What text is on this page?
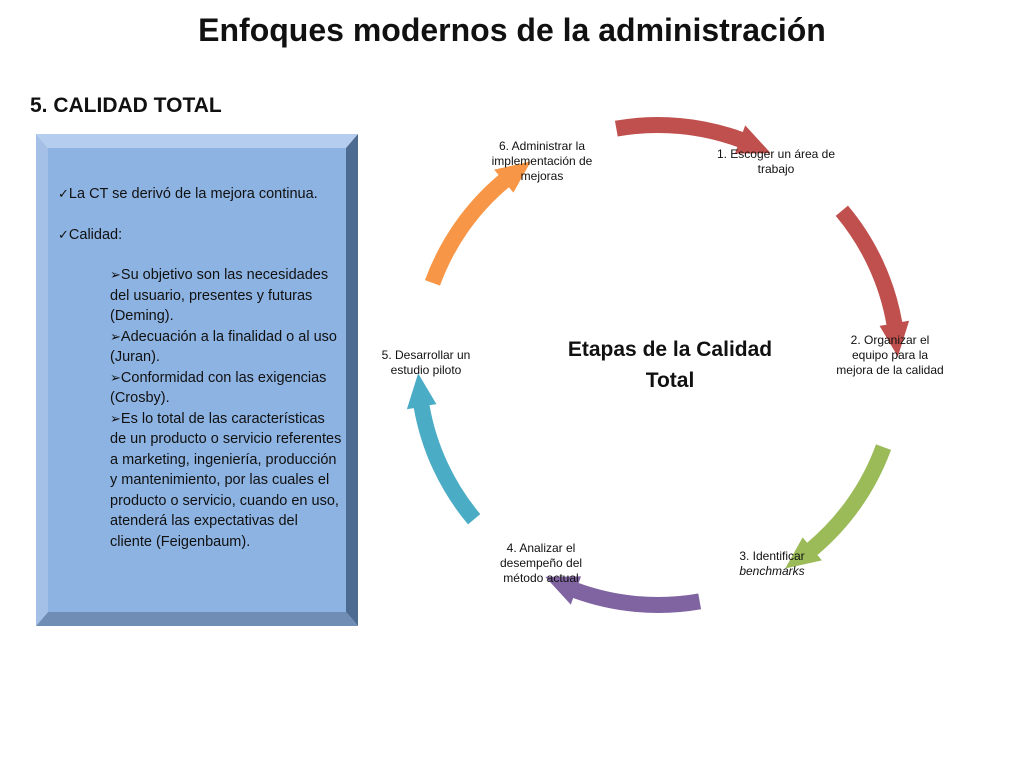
Enfoques modernos de la administración
5. CALIDAD TOTAL

✓La CT se derivó de la mejora continua.

✓Calidad:

➢Su objetivo son las necesidades del usuario, presentes y futuras (Deming).
➢Adecuación a la finalidad o al uso (Juran).
➢Conformidad con las exigencias (Crosby).
➢Es lo total de las características de un producto o servicio referentes a marketing, ingeniería, producción y mantenimiento, por las cuales el producto o servicio, cuando en uso, atenderá las expectativas del cliente (Feigenbaum).
1. Escoger un área de trabajo
2. Organizar el equipo para la mejora de la calidad
3. Identificar
benchmarks
4. Analizar el desempeño del método actual
5. Desarrollar un estudio piloto
6. Administrar la implementación de mejoras
Etapas de la Calidad Total
